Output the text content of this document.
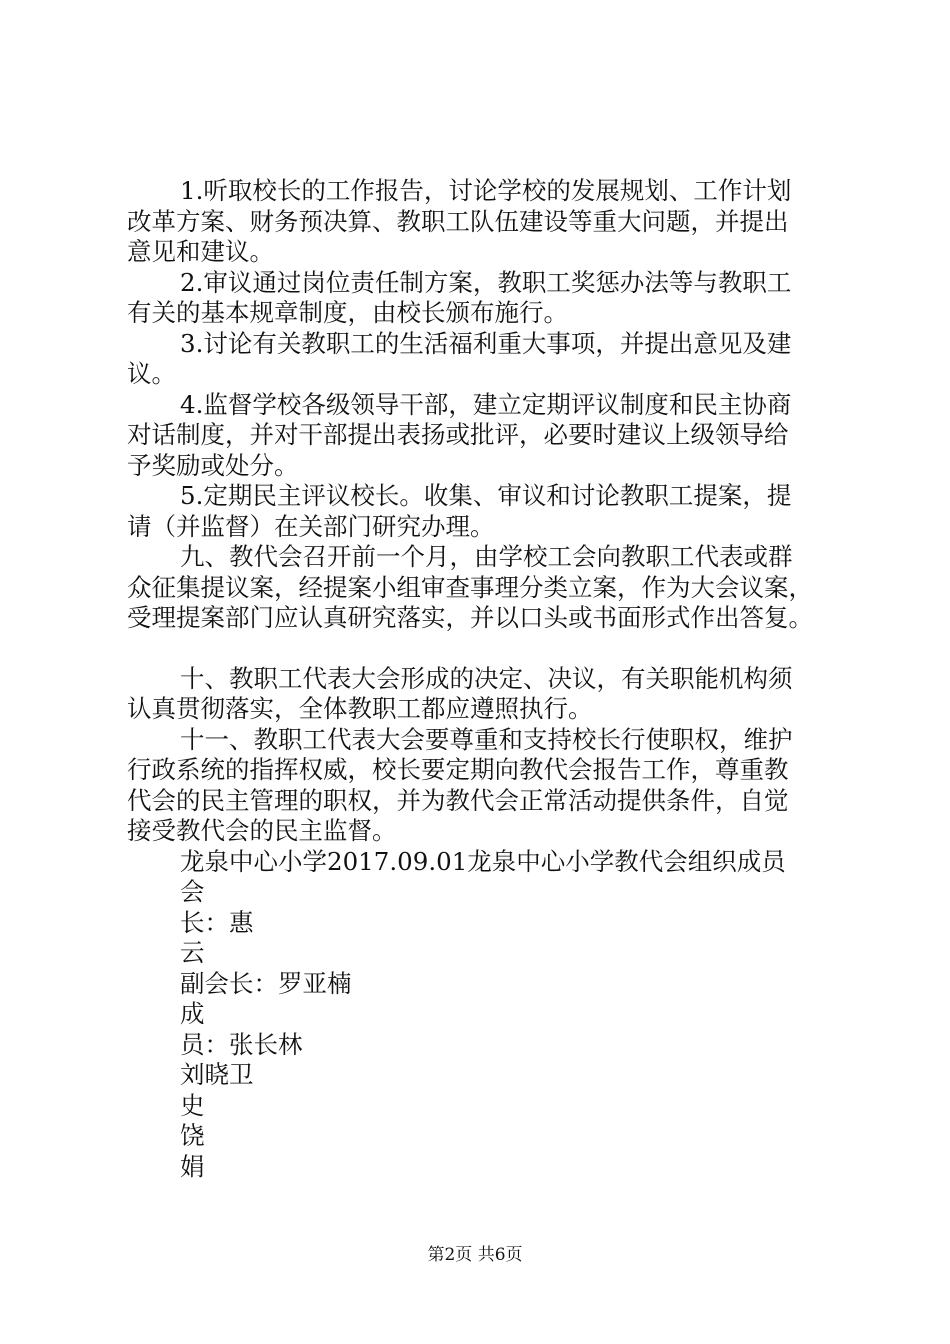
1.听取校长的工作报告，讨论学校的发展规划、工作计划
改革方案、财务预决算、教职工队伍建设等重大问题，并提出
意见和建议。
2.审议通过岗位责任制方案，教职工奖惩办法等与教职工
有关的基本规章制度，由校长颁布施行。
3.讨论有关教职工的生活福利重大事项，并提出意见及建
议。
4.监督学校各级领导干部，建立定期评议制度和民主协商
对话制度，并对干部提出表扬或批评，必要时建议上级领导给
予奖励或处分。
5.定期民主评议校长。收集、审议和讨论教职工提案，提
请（并监督）在关部门研究办理。
九、教代会召开前一个月，由学校工会向教职工代表或群
众征集提议案，经提案小组审查事理分类立案，作为大会议案，
受理提案部门应认真研究落实，并以口头或书面形式作出答复。
十、教职工代表大会形成的决定、决议，有关职能机构须
认真贯彻落实，全体教职工都应遵照执行。
十一、教职工代表大会要尊重和支持校长行使职权，维护
行政系统的指挥权威，校长要定期向教代会报告工作，尊重教
代会的民主管理的职权，并为教代会正常活动提供条件，自觉
接受教代会的民主监督。
龙泉中心小学2017.09.01龙泉中心小学教代会组织成员
会
长：惠
云
副会长：罗亚楠
成
员：张长林
刘晓卫
史
饶
娟
第2页 共6页
